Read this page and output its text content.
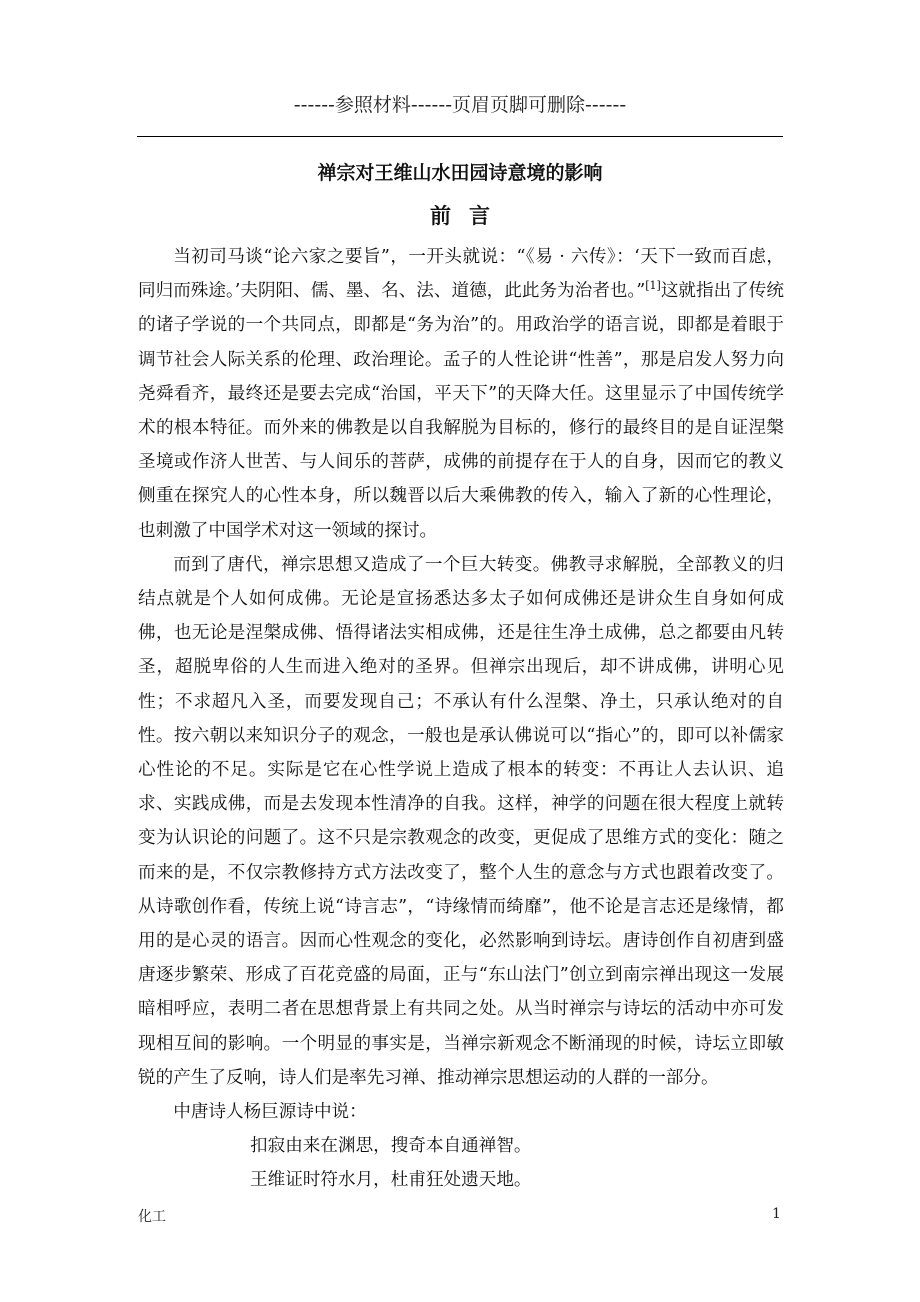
------参照材料------页眉页脚可删除------
禅宗对王维山水田园诗意境的影响
前言

当初司马谈“论六家之要旨”，一开头就说：“《易 · 六传》：‘天下一致而百虑，同归而殊途。’夫阴阳、儒、墨、名、法、道德，此此务为治者也。”[1]这就指出了传统的诸子学说的一个共同点，即都是“务为治”的。用政治学的语言说，即都是着眼于调节社会人际关系的伦理、政治理论。孟子的人性论讲“性善”，那是启发人努力向尧舜看齐，最终还是要去完成“治国，平天下”的天降大任。这里显示了中国传统学术的根本特征。而外来的佛教是以自我解脱为目标的，修行的最终目的是自证涅槃圣境或作济人世苦、与人间乐的菩萨，成佛的前提存在于人的自身，因而它的教义侧重在探究人的心性本身，所以魏晋以后大乘佛教的传入，输入了新的心性理论，也刺激了中国学术对这一领域的探讨。

而到了唐代，禅宗思想又造成了一个巨大转变。佛教寻求解脱，全部教义的归结点就是个人如何成佛。无论是宣扬悉达多太子如何成佛还是讲众生自身如何成佛，也无论是涅槃成佛、悟得诸法实相成佛，还是往生净土成佛，总之都要由凡转圣，超脱卑俗的人生而进入绝对的圣界。但禅宗出现后，却不讲成佛，讲明心见性；不求超凡入圣，而要发现自己；不承认有什么涅槃、净土，只承认绝对的自性。按六朝以来知识分子的观念，一般也是承认佛说可以“指心”的，即可以补儒家心性论的不足。实际是它在心性学说上造成了根本的转变：不再让人去认识、追求、实践成佛，而是去发现本性清净的自我。这样，神学的问题在很大程度上就转变为认识论的问题了。这不只是宗教观念的改变，更促成了思维方式的变化：随之而来的是，不仅宗教修持方式方法改变了，整个人生的意念与方式也跟着改变了。从诗歌创作看，传统上说“诗言志”，“诗缘情而绮靡”，他不论是言志还是缘情，都用的是心灵的语言。因而心性观念的变化，必然影响到诗坛。唐诗创作自初唐到盛唐逐步繁荣、形成了百花竞盛的局面，正与“东山法门”创立到南宗禅出现这一发展暗相呼应，表明二者在思想背景上有共同之处。从当时禅宗与诗坛的活动中亦可发现相互间的影响。一个明显的事实是，当禅宗新观念不断涌现的时候，诗坛立即敏锐的产生了反响，诗人们是率先习禅、推动禅宗思想运动的人群的一部分。

中唐诗人杨巨源诗中说：

扣寂由来在渊思，搜奇本自通禅智。
王维证时符水月，杜甫狂处遗天地。
化工	1
